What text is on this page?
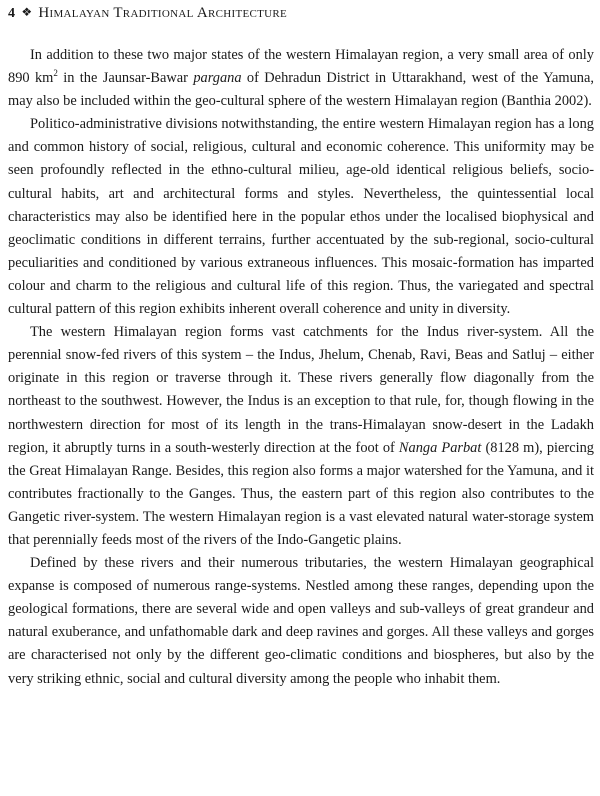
4 ❖ Himalayan Traditional Architecture

In addition to these two major states of the western Himalayan region, a very small area of only 890 $km^2$ in the Jaunsar-Bawar pargana of Dehradun District in Uttarakhand, west of the Yamuna, may also be included within the geo-cultural sphere of the western Himalayan region (Banthia 2002).

Politico-administrative divisions notwithstanding, the entire western Himalayan region has a long and common history of social, religious, cultural and economic coherence. This uniformity may be seen profoundly reflected in the ethno-cultural milieu, age-old identical religious beliefs, socio-cultural habits, art and architectural forms and styles. Nevertheless, the quintessential local characteristics may also be identified here in the popular ethos under the localised biophysical and geoclimatic conditions in different terrains, further accentuated by the sub-regional, socio-cultural peculiarities and conditioned by various extraneous influences. This mosaic-formation has imparted colour and charm to the religious and cultural life of this region. Thus, the variegated and spectral cultural pattern of this region exhibits inherent overall coherence and unity in diversity.

The western Himalayan region forms vast catchments for the Indus river-system. All the perennial snow-fed rivers of this system – the Indus, Jhelum, Chenab, Ravi, Beas and Satluj – either originate in this region or traverse through it. These rivers generally flow diagonally from the northeast to the southwest. However, the Indus is an exception to that rule, for, though flowing in the northwestern direction for most of its length in the trans-Himalayan snow-desert in the Ladakh region, it abruptly turns in a south-westerly direction at the foot of Nanga Parbat (8128 m), piercing the Great Himalayan Range. Besides, this region also forms a major watershed for the Yamuna, and it contributes fractionally to the Ganges. Thus, the eastern part of this region also contributes to the Gangetic river-system. The western Himalayan region is a vast elevated natural water-storage system that perennially feeds most of the rivers of the Indo-Gangetic plains.

Defined by these rivers and their numerous tributaries, the western Himalayan geographical expanse is composed of numerous range-systems. Nestled among these ranges, depending upon the geological formations, there are several wide and open valleys and sub-valleys of great grandeur and natural exuberance, and unfathomable dark and deep ravines and gorges. All these valleys and gorges are characterised not only by the different geo-climatic conditions and biospheres, but also by the very striking ethnic, social and cultural diversity among the people who inhabit them.
